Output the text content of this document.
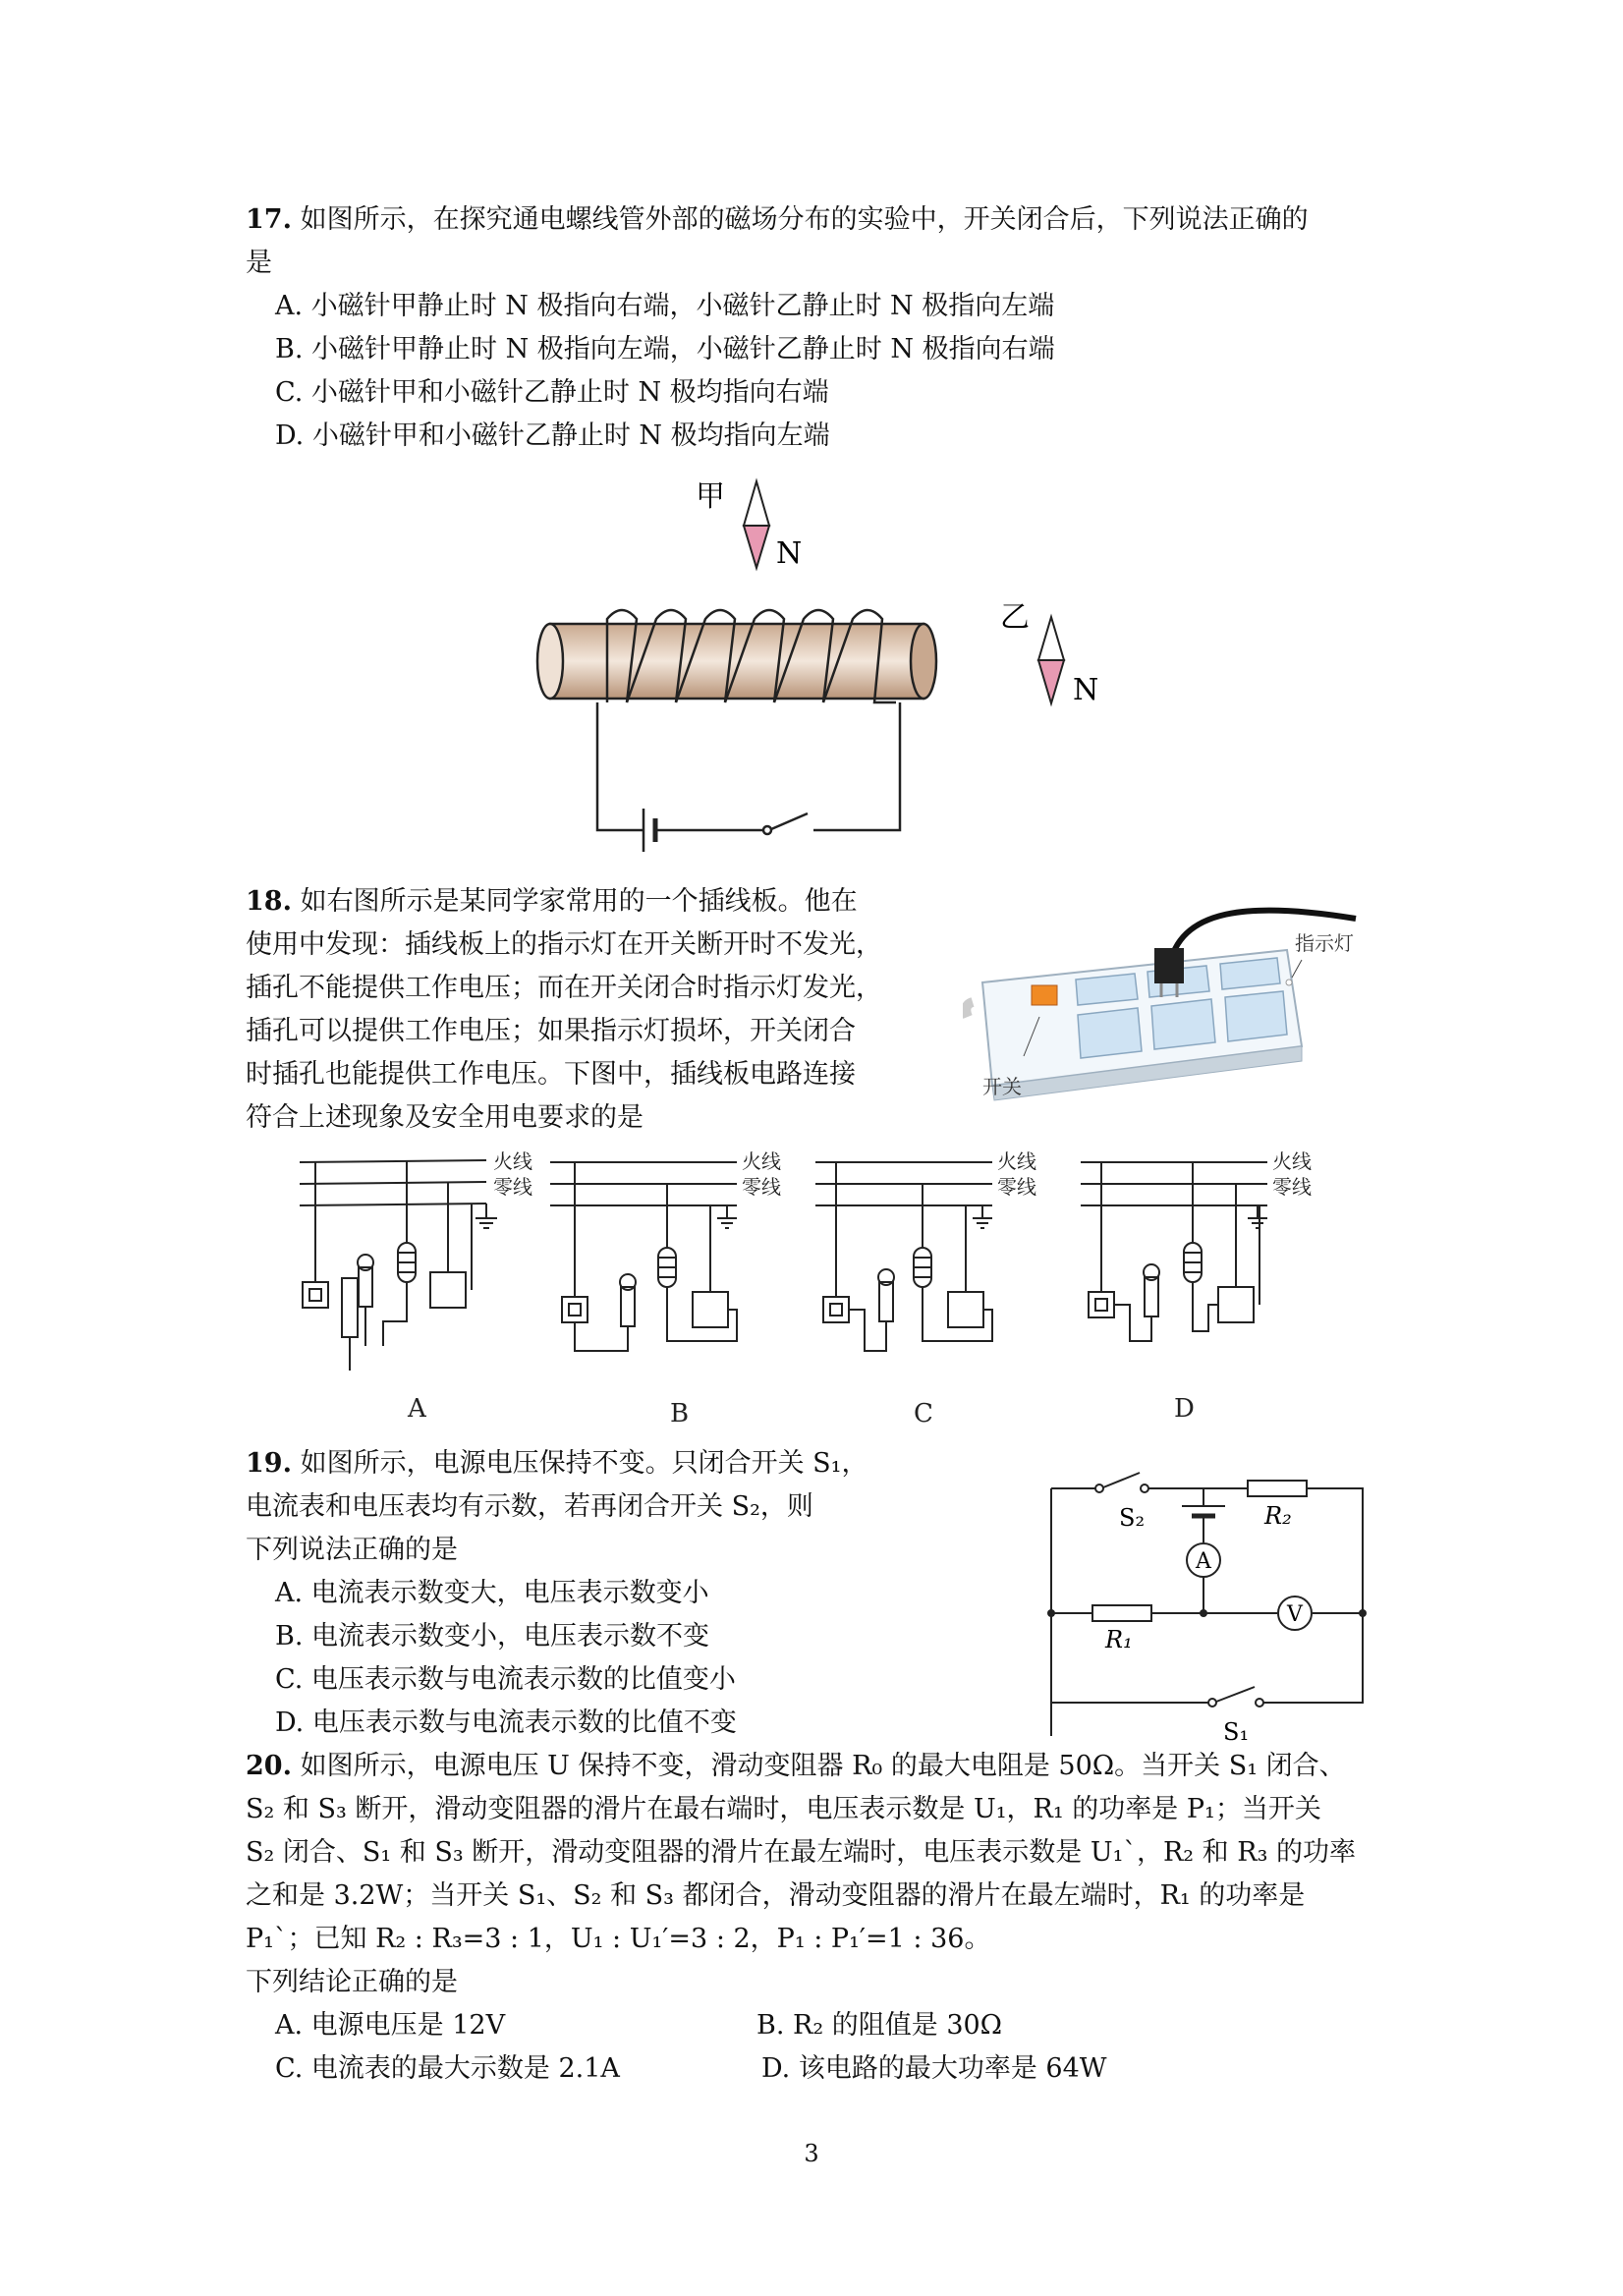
17. 如图所示，在探究通电螺线管外部的磁场分布的实验中，开关闭合后，下列说法正确的
是
A. 小磁针甲静止时 N 极指向右端，小磁针乙静止时 N 极指向左端
B. 小磁针甲静止时 N 极指向左端，小磁针乙静止时 N 极指向右端
C. 小磁针甲和小磁针乙静止时 N 极均指向右端
D. 小磁针甲和小磁针乙静止时 N 极均指向左端
甲
N
乙
N
18. 如右图所示是某同学家常用的一个插线板。他在
使用中发现：插线板上的指示灯在开关断开时不发光，
插孔不能提供工作电压；而在开关闭合时指示灯发光，
插孔可以提供工作电压；如果指示灯损坏，开关闭合
时插孔也能提供工作电压。下图中，插线板电路连接
符合上述现象及安全用电要求的是
指示灯
开关
火线
零线
火线
零线
火线
零线
火线
零线
A	B	C	D
19. 如图所示，电源电压保持不变。只闭合开关 S₁，
电流表和电压表均有示数，若再闭合开关 S₂，则
下列说法正确的是
A. 电流表示数变大，电压表示数变小
B. 电流表示数变小，电压表示数不变
C. 电压表示数与电流表示数的比值变小
D. 电压表示数与电流表示数的比值不变
S₂	R₂
A
V
R₁
S₁
20. 如图所示，电源电压 U 保持不变，滑动变阻器 R₀ 的最大电阻是 50Ω。当开关 S₁ 闭合、
S₂ 和 S₃ 断开，滑动变阻器的滑片在最右端时，电压表示数是 U₁，R₁ 的功率是 P₁；当开关
S₂ 闭合、S₁ 和 S₃ 断开，滑动变阻器的滑片在最左端时，电压表示数是 U₁`，R₂ 和 R₃ 的功率
之和是 3.2W；当开关 S₁、S₂ 和 S₃ 都闭合，滑动变阻器的滑片在最左端时，R₁ 的功率是
P₁`；已知 R₂ : R₃=3 : 1，U₁ : U₁′=3 : 2，P₁ : P₁′=1 : 36。
下列结论正确的是
A. 电源电压是 12V	B. R₂ 的阻值是 30Ω
C. 电流表的最大示数是 2.1A	D. 该电路的最大功率是 64W
3
